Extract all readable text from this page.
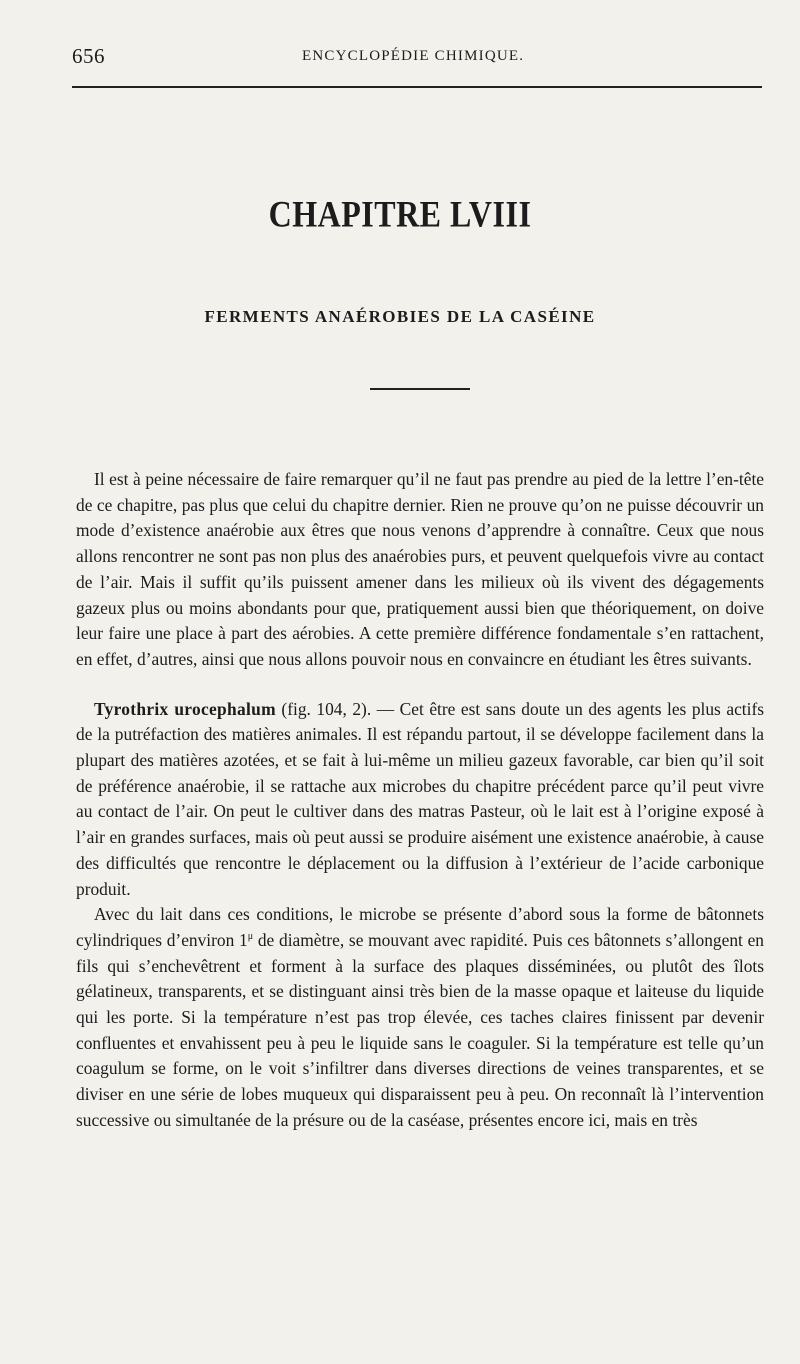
656	ENCYCLOPÉDIE CHIMIQUE.
CHAPITRE LVIII
FERMENTS ANAÉROBIES DE LA CASÉINE

Il est à peine nécessaire de faire remarquer qu’il ne faut pas prendre au pied de la lettre l’en-tête de ce chapitre, pas plus que celui du chapitre dernier. Rien ne prouve qu’on ne puisse découvrir un mode d’existence anaérobie aux êtres que nous venons d’apprendre à connaître. Ceux que nous allons rencontrer ne sont pas non plus des anaérobies purs, et peuvent quelquefois vivre au contact de l’air. Mais il suffit qu’ils puissent amener dans les milieux où ils vivent des dégagements gazeux plus ou moins abondants pour que, pratiquement aussi bien que théoriquement, on doive leur faire une place à part des aérobies. A cette première différence fondamentale s’en rattachent, en effet, d’autres, ainsi que nous allons pouvoir nous en convaincre en étudiant les êtres suivants.

Tyrothrix urocephalum (fig. 104, 2). — Cet être est sans doute un des agents les plus actifs de la putréfaction des matières animales. Il est répandu partout, il se développe facilement dans la plupart des matières azotées, et se fait à lui-même un milieu gazeux favorable, car bien qu’il soit de préférence anaérobie, il se rattache aux microbes du chapitre précédent parce qu’il peut vivre au contact de l’air. On peut le cultiver dans des matras Pasteur, où le lait est à l’origine exposé à l’air en grandes surfaces, mais où peut aussi se produire aisément une existence anaérobie, à cause des difficultés que rencontre le déplacement ou la diffusion à l’extérieur de l’acide carbonique produit.

Avec du lait dans ces conditions, le microbe se présente d’abord sous la forme de bâtonnets cylindriques d’environ $1^\mu$ de diamètre, se mouvant avec rapidité. Puis ces bâtonnets s’allongent en fils qui s’enchevêtrent et forment à la surface des plaques disséminées, ou plutôt des îlots gélatineux, transparents, et se distinguant ainsi très bien de la masse opaque et laiteuse du liquide qui les porte. Si la température n’est pas trop élevée, ces taches claires finissent par devenir confluentes et envahissent peu à peu le liquide sans le coaguler. Si la température est telle qu’un coagulum se forme, on le voit s’infiltrer dans diverses directions de veines transparentes, et se diviser en une série de lobes muqueux qui disparaissent peu à peu. On reconnaît là l’intervention successive ou simultanée de la présure ou de la caséase, présentes encore ici, mais en très
